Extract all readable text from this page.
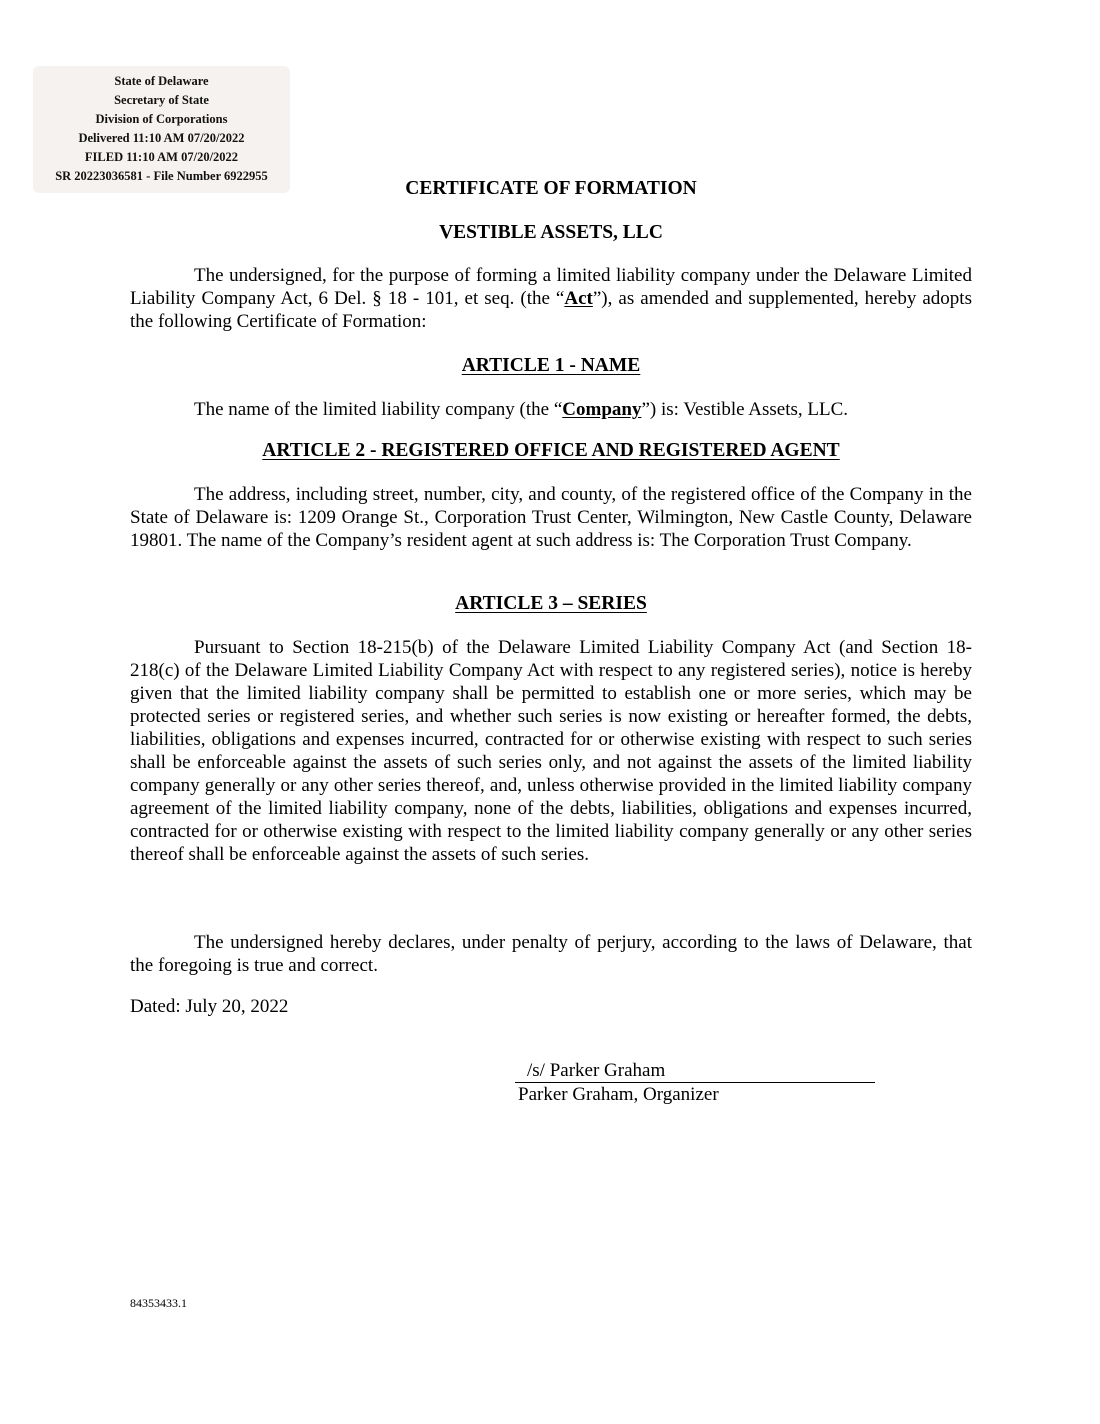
State of Delaware
Secretary of State
Division of Corporations
Delivered 11:10 AM 07/20/2022
FILED 11:10 AM 07/20/2022
SR 20223036581 - File Number 6922955
CERTIFICATE OF FORMATION
VESTIBLE ASSETS, LLC
The undersigned, for the purpose of forming a limited liability company under the Delaware Limited Liability Company Act, 6 Del. § 18 - 101, et seq. (the “Act”), as amended and supplemented, hereby adopts the following Certificate of Formation:
ARTICLE 1 - NAME
The name of the limited liability company (the “Company”) is: Vestible Assets, LLC.
ARTICLE 2 - REGISTERED OFFICE AND REGISTERED AGENT
The address, including street, number, city, and county, of the registered office of the Company in the State of Delaware is: 1209 Orange St., Corporation Trust Center, Wilmington, New Castle County, Delaware 19801. The name of the Company’s resident agent at such address is: The Corporation Trust Company.
ARTICLE 3 – SERIES
Pursuant to Section 18-215(b) of the Delaware Limited Liability Company Act (and Section 18-218(c) of the Delaware Limited Liability Company Act with respect to any registered series), notice is hereby given that the limited liability company shall be permitted to establish one or more series, which may be protected series or registered series, and whether such series is now existing or hereafter formed, the debts, liabilities, obligations and expenses incurred, contracted for or otherwise existing with respect to such series shall be enforceable against the assets of such series only, and not against the assets of the limited liability company generally or any other series thereof, and, unless otherwise provided in the limited liability company agreement of the limited liability company, none of the debts, liabilities, obligations and expenses incurred, contracted for or otherwise existing with respect to the limited liability company generally or any other series thereof shall be enforceable against the assets of such series.
The undersigned hereby declares, under penalty of perjury, according to the laws of Delaware, that the foregoing is true and correct.
Dated: July 20, 2022
/s/ Parker Graham
Parker Graham, Organizer
84353433.1
